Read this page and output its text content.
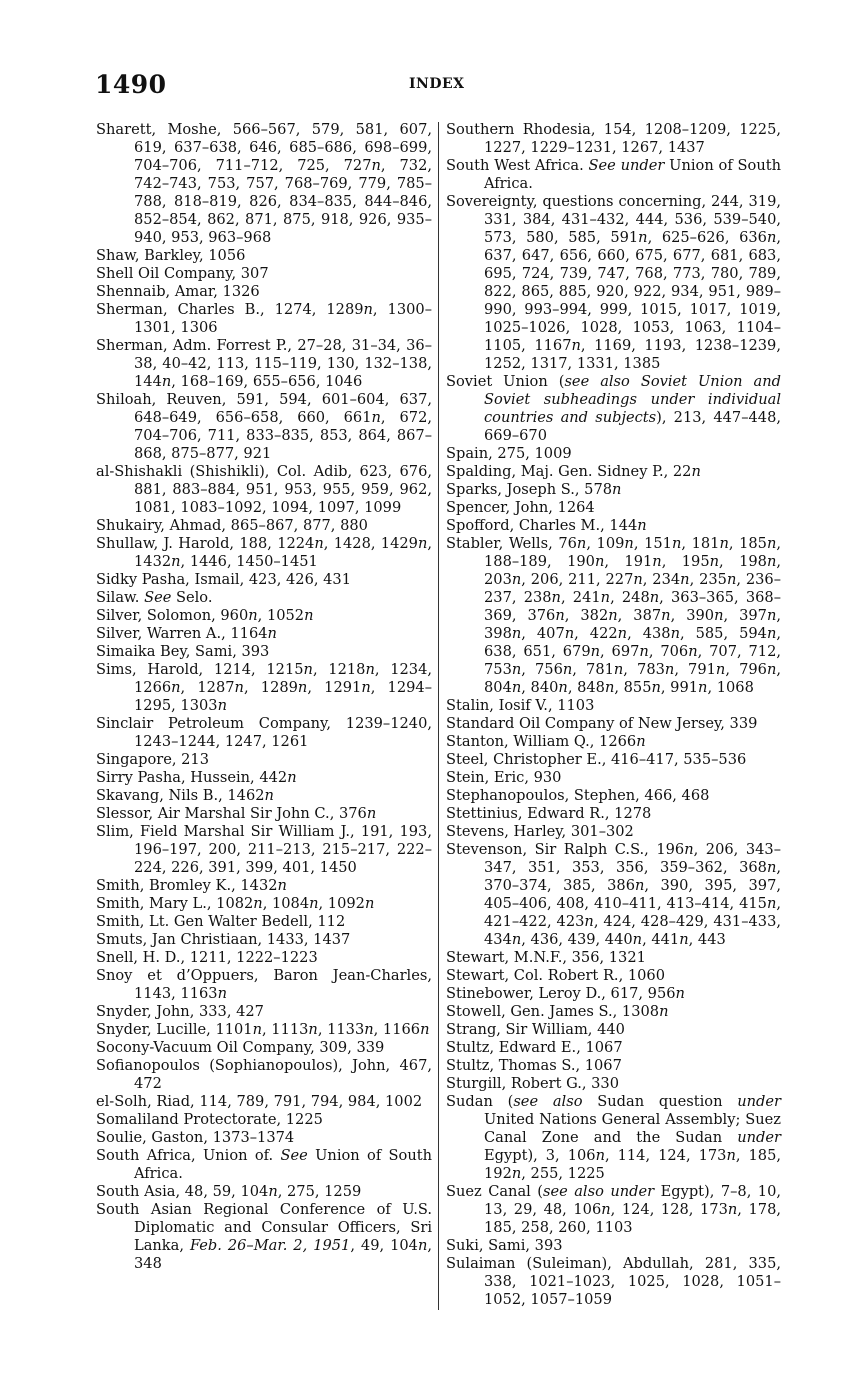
1490	INDEX

Sharett, Moshe, 566–567, 579, 581, 607, 619, 637–638, 646, 685–686, 698–699, 704–706, 711–712, 725, 727n, 732, 742–743, 753, 757, 768–769, 779, 785–788, 818–819, 826, 834–835, 844–846, 852–854, 862, 871, 875, 918, 926, 935–940, 953, 963–968

Shaw, Barkley, 1056

Shell Oil Company, 307

Shennaib, Amar, 1326

Sherman, Charles B., 1274, 1289n, 1300–1301, 1306

Sherman, Adm. Forrest P., 27–28, 31–34, 36–38, 40–42, 113, 115–119, 130, 132–138, 144n, 168–169, 655–656, 1046

Shiloah, Reuven, 591, 594, 601–604, 637, 648–649, 656–658, 660, 661n, 672, 704–706, 711, 833–835, 853, 864, 867–868, 875–877, 921

al-Shishakli (Shishikli), Col. Adib, 623, 676, 881, 883–884, 951, 953, 955, 959, 962, 1081, 1083–1092, 1094, 1097, 1099

Shukairy, Ahmad, 865–867, 877, 880

Shullaw, J. Harold, 188, 1224n, 1428, 1429n, 1432n, 1446, 1450–1451

Sidky Pasha, Ismail, 423, 426, 431

Silaw. See Selo.

Silver, Solomon, 960n, 1052n

Silver, Warren A., 1164n

Simaika Bey, Sami, 393

Sims, Harold, 1214, 1215n, 1218n, 1234, 1266n, 1287n, 1289n, 1291n, 1294–1295, 1303n

Sinclair Petroleum Company, 1239–1240, 1243–1244, 1247, 1261

Singapore, 213

Sirry Pasha, Hussein, 442n

Skavang, Nils B., 1462n

Slessor, Air Marshal Sir John C., 376n

Slim, Field Marshal Sir William J., 191, 193, 196–197, 200, 211–213, 215–217, 222–224, 226, 391, 399, 401, 1450

Smith, Bromley K., 1432n

Smith, Mary L., 1082n, 1084n, 1092n

Smith, Lt. Gen Walter Bedell, 112

Smuts, Jan Christiaan, 1433, 1437

Snell, H. D., 1211, 1222–1223

Snoy et d’Oppuers, Baron Jean-Charles, 1143, 1163n

Snyder, John, 333, 427

Snyder, Lucille, 1101n, 1113n, 1133n, 1166n

Socony-Vacuum Oil Company, 309, 339

Sofianopoulos (Sophianopoulos), John, 467, 472

el-Solh, Riad, 114, 789, 791, 794, 984, 1002

Somaliland Protectorate, 1225

Soulie, Gaston, 1373–1374

South Africa, Union of. See Union of South Africa.

South Asia, 48, 59, 104n, 275, 1259

South Asian Regional Conference of U.S. Diplomatic and Consular Officers, Sri Lanka, Feb. 26–Mar. 2, 1951, 49, 104n, 348

Southern Rhodesia, 154, 1208–1209, 1225, 1227, 1229–1231, 1267, 1437

South West Africa. See under Union of South Africa.

Sovereignty, questions concerning, 244, 319, 331, 384, 431–432, 444, 536, 539–540, 573, 580, 585, 591n, 625–626, 636n, 637, 647, 656, 660, 675, 677, 681, 683, 695, 724, 739, 747, 768, 773, 780, 789, 822, 865, 885, 920, 922, 934, 951, 989–990, 993–994, 999, 1015, 1017, 1019, 1025–1026, 1028, 1053, 1063, 1104–1105, 1167n, 1169, 1193, 1238–1239, 1252, 1317, 1331, 1385

Soviet Union (see also Soviet Union and Soviet subheadings under individual countries and subjects), 213, 447–448, 669–670

Spain, 275, 1009

Spalding, Maj. Gen. Sidney P., 22n

Sparks, Joseph S., 578n

Spencer, John, 1264

Spofford, Charles M., 144n

Stabler, Wells, 76n, 109n, 151n, 181n, 185n, 188–189, 190n, 191n, 195n, 198n, 203n, 206, 211, 227n, 234n, 235n, 236–237, 238n, 241n, 248n, 363–365, 368–369, 376n, 382n, 387n, 390n, 397n, 398n, 407n, 422n, 438n, 585, 594n, 638, 651, 679n, 697n, 706n, 707, 712, 753n, 756n, 781n, 783n, 791n, 796n, 804n, 840n, 848n, 855n, 991n, 1068

Stalin, Iosif V., 1103

Standard Oil Company of New Jersey, 339

Stanton, William Q., 1266n

Steel, Christopher E., 416–417, 535–536

Stein, Eric, 930

Stephanopoulos, Stephen, 466, 468

Stettinius, Edward R., 1278

Stevens, Harley, 301–302

Stevenson, Sir Ralph C.S., 196n, 206, 343–347, 351, 353, 356, 359–362, 368n, 370–374, 385, 386n, 390, 395, 397, 405–406, 408, 410–411, 413–414, 415n, 421–422, 423n, 424, 428–429, 431–433, 434n, 436, 439, 440n, 441n, 443

Stewart, M.N.F., 356, 1321

Stewart, Col. Robert R., 1060

Stinebower, Leroy D., 617, 956n

Stowell, Gen. James S., 1308n

Strang, Sir William, 440

Stultz, Edward E., 1067

Stultz, Thomas S., 1067

Sturgill, Robert G., 330

Sudan (see also Sudan question under United Nations General Assembly; Suez Canal Zone and the Sudan under Egypt), 3, 106n, 114, 124, 173n, 185, 192n, 255, 1225

Suez Canal (see also under Egypt), 7–8, 10, 13, 29, 48, 106n, 124, 128, 173n, 178, 185, 258, 260, 1103

Suki, Sami, 393

Sulaiman (Suleiman), Abdullah, 281, 335, 338, 1021–1023, 1025, 1028, 1051–1052, 1057–1059
